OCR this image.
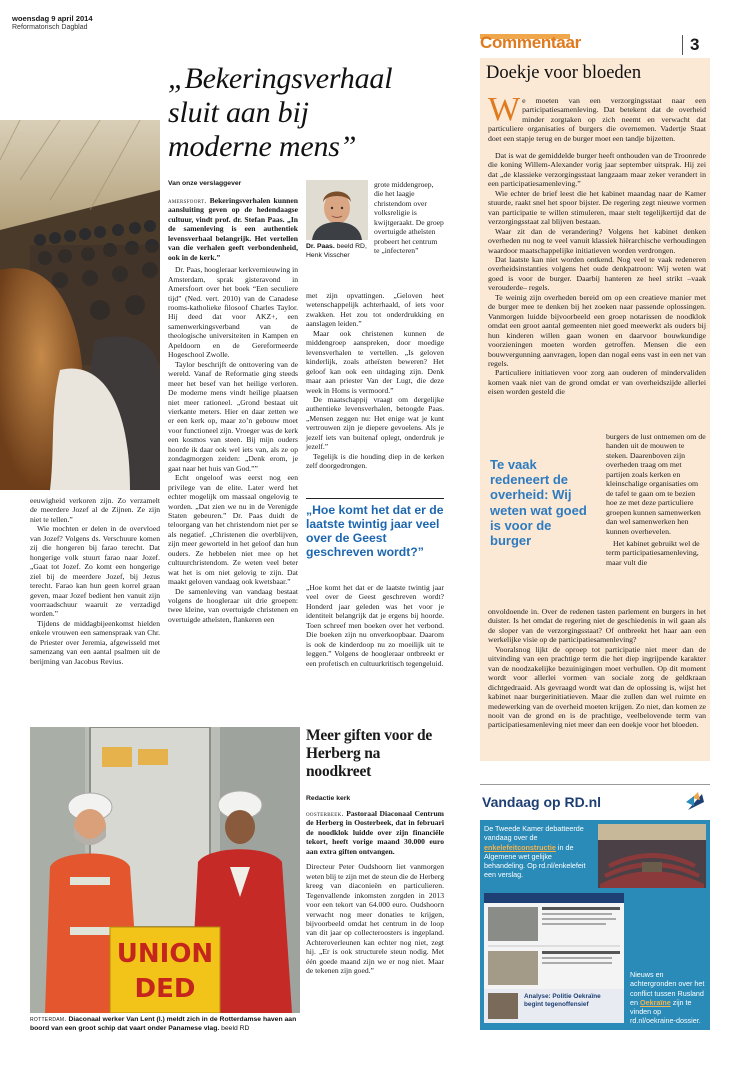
woensdag 9 april 2014
Reformatorisch Dagblad
Commentaar	3
„Bekeringsverhaal sluit aan bij moderne mens”
Van onze verslaggever

amersfoort. Bekeringsverhalen kunnen aansluiting geven op de hedendaagse cultuur, vindt prof. dr. Stefan Paas. „In de samenleving is een authentiek levensverhaal belangrijk. Het vertellen van die verhalen geeft verbondenheid, ook in de kerk.”

Dr. Paas, hoogleraar kerkvernieuwing in Amsterdam, sprak gisteravond in Amersfoort over het boek “Een seculiere tijd” (Ned. vert. 2010) van de Canadese rooms-katholieke filosoof Charles Taylor. Hij deed dat voor AKZ+, een samenwerkingsverband van de theologische universiteiten in Kampen en Apeldoorn en de Gereformeerde Hogeschool Zwolle.

Taylor beschrijft de onttovering van de wereld. Vanaf de Reformatie ging steeds meer het besef van het heilige verloren. De moderne mens vindt heilige plaatsen niet meer rationeel. „Grond bestaat uit vierkante meters. Hier en daar zetten we er een kerk op, maar zo’n gebouw moet voor functioneel zijn. Vroeger was de kerk een kosmos van steen. Bij mijn ouders hoorde ik daar ook wel iets van, als ze op zondagmorgen zeiden: „Denk erom, je gaat naar het huis van God.””

Echt ongeloof was eerst nog een privilege van de elite. Later werd het echter mogelijk om massaal ongelovig te worden. „Dat zien we nu in de Verenigde Staten gebeuren.” Dr. Paas duidt de teloorgang van het christendom niet per se als negatief. „Christenen die overblijven, zijn meer geworteld in het geloof dan hun ouders. Ze hebbelen niet mee op het cultuurchristendom. Ze weten veel beter wat het is om niet gelovig te zijn. Dat maakt geloven vandaag ook kwetsbaar.”

De samenleving van vandaag bestaat volgens de hoogleraar uit drie groepen: twee kleine, van overtuigde christenen en overtuigde atheïsten, flankeren een

Dr. Paas. beeld RD, Henk Visscher
grote middengroep, die het laagje christendom over volksreligie is kwijtgeraakt. De groep overtuigde atheïsten probeert het centrum te „infecteren”

met zijn opvattingen. „Geloven heet wetenschappelijk achterhaald, of iets voor zwakken. Het zou tot onderdrukking en aanslagen leiden.”

Maar ook christenen kunnen de middengroep aanspreken, door moedige levensverhalen te vertellen. „Is geloven kinderlijk, zoals atheïsten beweren? Het geloof kan ook een uitdaging zijn. Denk maar aan priester Van der Lugt, die deze week in Homs is vermoord.”

De maatschappij vraagt om dergelijke authentieke levensverhalen, betoogde Paas. „Mensen zeggen nu: Het enige wat je kunt vertrouwen zijn je diepere gevoelens. Als je jezelf iets van buitenaf oplegt, onderdruk je jezelf.”

Tegelijk is die houding diep in de kerken zelf doorgedrongen.

„Hoe komt het dat er de laatste twintig jaar veel over de Geest geschreven wordt?”

„Hoe komt het dat er de laatste twintig jaar veel over de Geest geschreven wordt? Honderd jaar geleden was het voor je identiteit belangrijk dat je ergens bij hoorde. Toen schreef men boeken over het verbond. Die boeken zijn nu onverkoopbaar. Daarom is ook de kinderdoop nu zo moeilijk uit te leggen.” Volgens de hoogleraar ontbreekt er een profetisch en cultuurkritisch tegengeluid.

eeuwigheid verkoren zijn. Zo verzamelt de meerdere Jozef al de Zijnen. Ze zijn niet te tellen.”

Wie mochten er delen in de overvloed van Jozef? Volgens ds. Verschuure komen zij die hongeren bij farao terecht. Dat hongerige volk stuurt farao naar Jozef. „Gaat tot Jozef. Zo komt een hongerige ziel bij de meerdere Jozef, bij Jezus terecht. Farao kan hun geen korrel graan geven, maar Jozef bedient hen vanuit zijn voorraadschuur waaruit ze verzadigd worden.”

Tijdens de middagbijeenkomst hielden enkele vrouwen een samenspraak van Chr. de Priester over Jeremia, afgewisseld met samenzang van een aantal psalmen uit de berijming van Jacobus Revius.

UNION
DED
rotterdam. Diaconaal werker Van Lent (l.) meldt zich in de Rotterdamse haven aan boord van een groot schip dat vaart onder Panamese vlag. beeld RD
Meer giften voor de Herberg na noodkreet
Redactie kerk

oosterbeek. Pastoraal Diaconaal Centrum de Herberg in Oosterbeek, dat in februari de noodklok luidde over zijn financiële tekort, heeft vorige maand 30.000 euro aan extra giften ontvangen.

Directeur Peter Oudshoorn liet vanmorgen weten blij te zijn met de steun die de Herberg kreeg van diaconieën en particulieren. Tegenvallende inkomsten zorgden in 2013 voor een tekort van 64.000 euro. Oudshoorn verwacht nog meer donaties te krijgen, bijvoorbeeld omdat het centrum in de loop van dit jaar op collecteroosters is ingepland. Achteroverleunen kan echter nog niet, zegt hij. „Er is ook structurele steun nodig. Met één goede maand zijn we er nog niet. Maar de tekenen zijn goed.”

Doekje voor bloeden
W e moeten van een verzorgingsstaat naar een participatiesamenleving. Dat betekent dat de overheid minder zorgtaken op zich neemt en verwacht dat particuliere organisaties of burgers die overnemen. Vadertje Staat doet een stapje terug en de burger moet een tandje bijzetten.

Dat is wat de gemiddelde burger heeft onthouden van de Troonrede die koning Willem-Alexander vorig jaar september uitsprak. Hij zei dat „de klassieke verzorgingsstaat langzaam maar zeker verandert in een participatiesamenleving.”

Wie echter de brief leest die het kabinet maandag naar de Kamer stuurde, raakt snel het spoor bijster. De regering zegt nieuwe vormen van participatie te willen stimuleren, maar stelt tegelijkertijd dat de verzorgingsstaat zal blijven bestaan.

Waar zit dan de verandering? Volgens het kabinet denken overheden nu nog te veel vanuit klassiek hiërarchische verhoudingen waardoor maatschappelijke initiatieven worden verdrongen.

Dat laatste kan niet worden ontkend. Nog veel te vaak redeneren overheidsinstanties volgens het oude denkpatroon: Wij weten wat goed is voor de burger. Daarbij hanteren ze heel strikt –vaak verouderde– regels.

Te weinig zijn overheden bereid om op een creatieve manier met de burger mee te denken bij het zoeken naar passende oplossingen. Vanmorgen luidde bijvoorbeeld een groep notarissen de noodklok omdat een groot aantal gemeenten niet goed meewerkt als ouders bij hun kinderen willen gaan wonen en daarvoor bouwkundige voorzieningen moeten worden getroffen. Mensen die een bouwvergunning aanvragen, lopen dan nogal eens vast in een net van regels.

Particuliere initiatieven voor zorg aan ouderen of mindervaliden komen vaak niet van de grond omdat er van overheidszijde allerlei eisen worden gesteld die

Te vaak redeneert de overheid: Wij weten wat goed is voor de burger

burgers de lust ontnemen om de handen uit de mouwen te steken. Daarenboven zijn overheden traag om met partijen zoals kerken en kleinschalige organisaties om de tafel te gaan om te bezien hoe ze met deze particuliere groepen kunnen samenwerken dan wel samenwerken hen kunnen overhevelen.

Het kabinet gebruikt wel de term participatiesamenleving, maar vult die

onvoldoende in. Over de redenen tasten parlement en burgers in het duister. Is het omdat de regering niet de geschiedenis in wil gaan als de sloper van de verzorgingsstaat? Of ontbreekt het haar aan een werkelijke visie op de participatiesamenleving?

Vooralsnog lijkt de oproep tot participatie niet meer dan de uitvinding van een prachtige term die het diep ingrijpende karakter van de noodzakelijke bezuinigingen moet verhullen. Op dit moment wordt voor allerlei vormen van sociale zorg de geldkraan dichtgedraaid. Als gevraagd wordt wat dan de oplossing is, wijst het kabinet naar burgerinitiatieven. Maar die zullen dan wel ruimte en medewerking van de overheid moeten krijgen. Zo niet, dan komen ze nooit van de grond en is de prachtige, veelbelovende term van participatiesamenleving niet meer dan een doekje voor het bloeden.

Vandaag op RD.nl
De Tweede Kamer debatteerde vandaag over de enkelefeitconstructie in de Algemene wet gelijke behandeling. Op rd.nl/enkelefeit een verslag.
Analyse: Politie Oekraïne begint tegenoffensief
Nieuws en achtergronden over het conflict tussen Rusland en Oekraïne zijn te vinden op rd.nl/oekraine-dossier.
